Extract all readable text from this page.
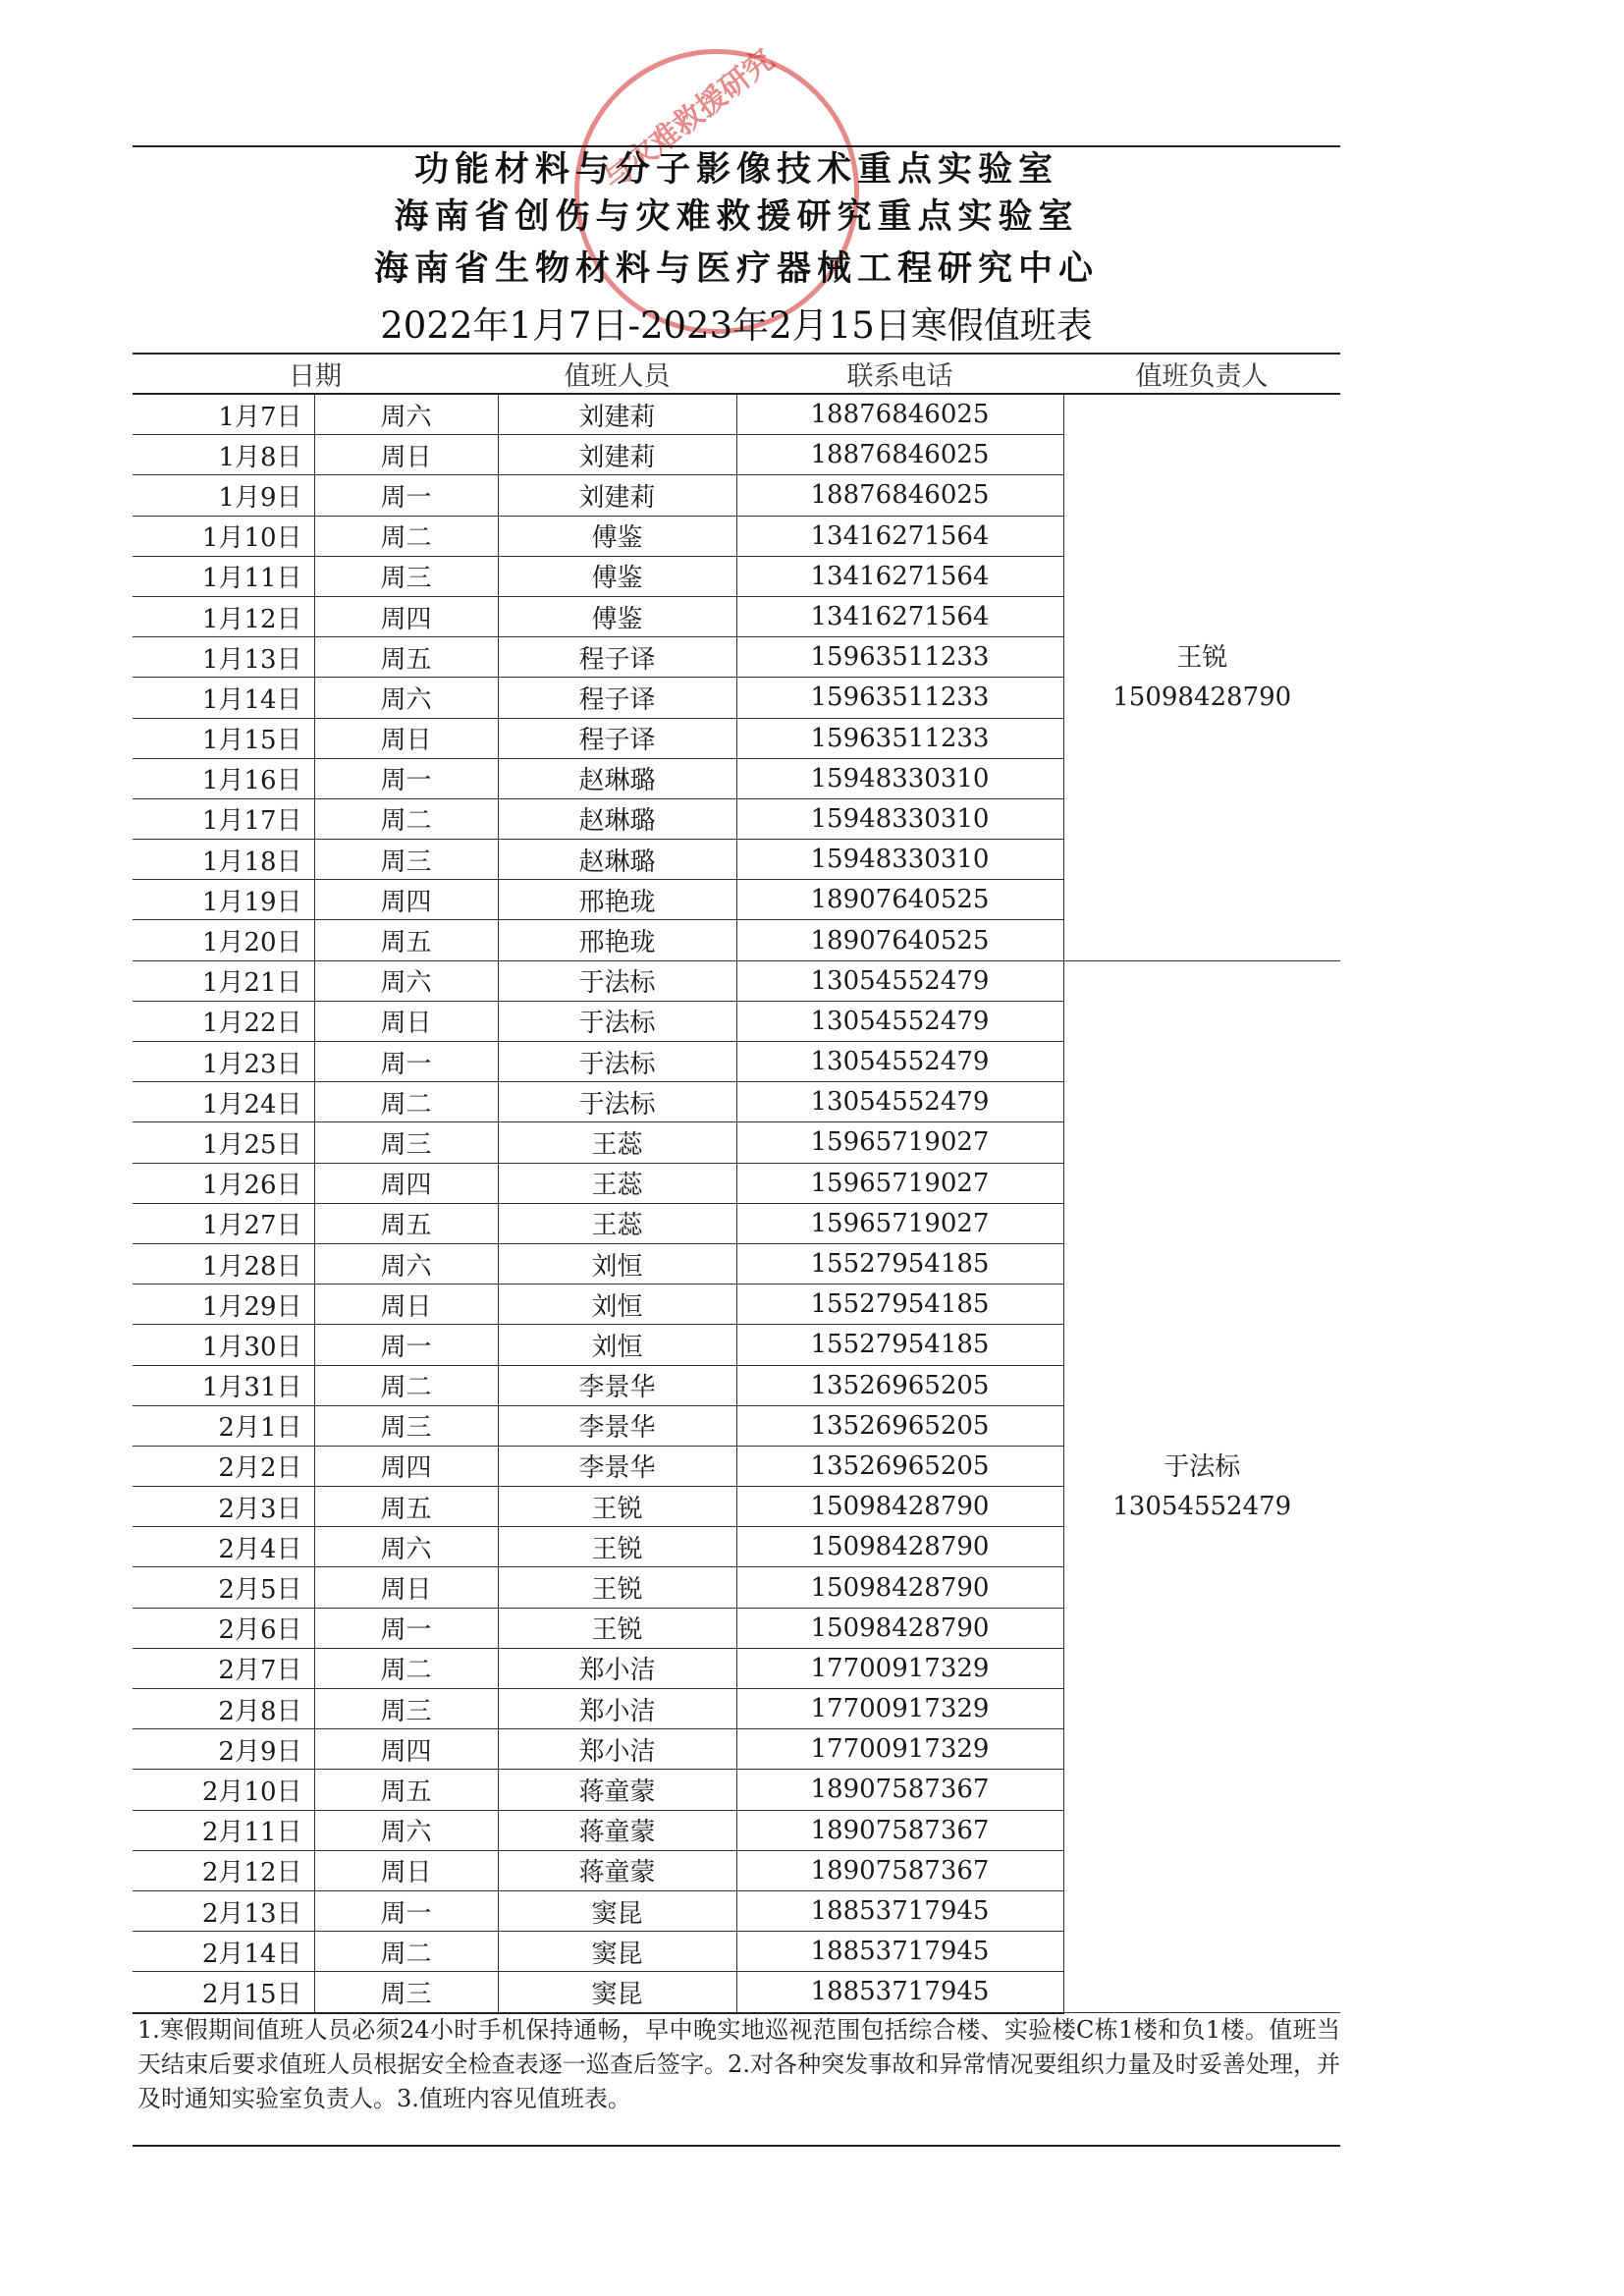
与灾难救援研究
功能材料与分子影像技术重点实验室
海南省创伤与灾难救援研究重点实验室
海南省生物材料与医疗器械工程研究中心
2022年1月7日-2023年2月15日寒假值班表
日期		值班人员	联系电话	值班负责人
1月7日	周六	刘建莉	18876846025	王锐
15098428790

1月8日	周日	刘建莉	18876846025	
1月9日	周一	刘建莉	18876846025	
1月10日	周二	傅鉴	13416271564	
1月11日	周三	傅鉴	13416271564	
1月12日	周四	傅鉴	13416271564	
1月13日	周五	程子译	15963511233	
1月14日	周六	程子译	15963511233	
1月15日	周日	程子译	15963511233	
1月16日	周一	赵琳璐	15948330310	
1月17日	周二	赵琳璐	15948330310	
1月18日	周三	赵琳璐	15948330310	
1月19日	周四	邢艳珑	18907640525	
1月20日	周五	邢艳珑	18907640525	
1月21日	周六	于法标	13054552479	于法标
13054552479

1月22日	周日	于法标	13054552479	
1月23日	周一	于法标	13054552479	
1月24日	周二	于法标	13054552479	
1月25日	周三	王蕊	15965719027	
1月26日	周四	王蕊	15965719027	
1月27日	周五	王蕊	15965719027	
1月28日	周六	刘恒	15527954185	
1月29日	周日	刘恒	15527954185	
1月30日	周一	刘恒	15527954185	
1月31日	周二	李景华	13526965205	
2月1日	周三	李景华	13526965205	
2月2日	周四	李景华	13526965205	
2月3日	周五	王锐	15098428790	
2月4日	周六	王锐	15098428790	
2月5日	周日	王锐	15098428790	
2月6日	周一	王锐	15098428790	
2月7日	周二	郑小洁	17700917329	
2月8日	周三	郑小洁	17700917329	
2月9日	周四	郑小洁	17700917329	
2月10日	周五	蒋童蒙	18907587367	
2月11日	周六	蒋童蒙	18907587367	
2月12日	周日	蒋童蒙	18907587367	
2月13日	周一	窦昆	18853717945	
2月14日	周二	窦昆	18853717945	
2月15日	周三	窦昆	18853717945	
1.寒假期间值班人员必须24小时手机保持通畅，早中晚实地巡视范围包括综合楼、实验楼C栋1楼和负1楼。值班当天结束后要求值班人员根据安全检查表逐一巡查后签字。2.对各种突发事故和异常情况要组织力量及时妥善处理，并及时通知实验室负责人。3.值班内容见值班表。
